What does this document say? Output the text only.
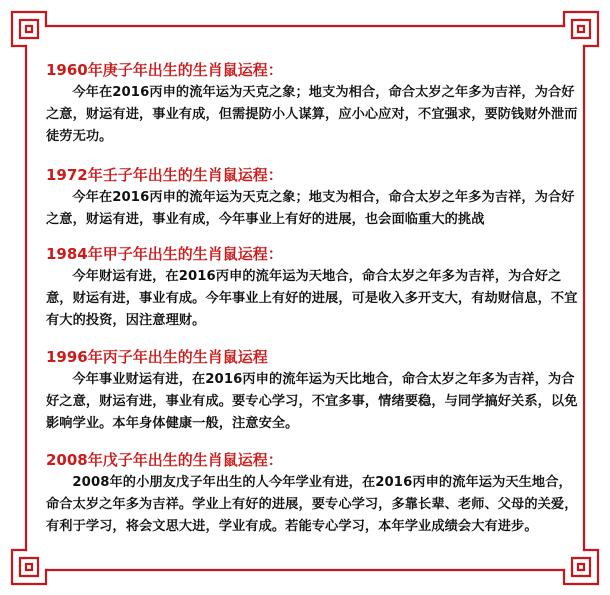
1960年庚子年出生的生肖鼠运程：

今年在2016丙申的流年运为天克之象；地支为相合，命合太岁之年多为吉祥，为合好之意，财运有进，事业有成，但需提防小人谋算，应小心应对，不宜强求，要防钱财外泄而徒劳无功。

1972年壬子年出生的生肖鼠运程：

今年在2016丙申的流年运为天克之象；地支为相合，命合太岁之年多为吉祥，为合好之意，财运有进，事业有成，今年事业上有好的进展，也会面临重大的挑战

1984年甲子年出生的生肖鼠运程：

今年财运有进，在2016丙申的流年运为天地合，命合太岁之年多为吉祥，为合好之意，财运有进，事业有成。今年事业上有好的进展，可是收入多开支大，有劫财信息，不宜有大的投资，因注意理财。

1996年丙子年出生的生肖鼠运程

今年事业财运有进，在2016丙申的流年运为天比地合，命合太岁之年多为吉祥，为合好之意，财运有进，事业有成。要专心学习，不宜多事，情绪要稳，与同学搞好关系，以免影响学业。本年身体健康一般，注意安全。

2008年戊子年出生的生肖鼠运程：

2008年的小朋友戊子年出生的人今年学业有进，在2016丙申的流年运为天生地合，命合太岁之年多为吉祥。学业上有好的进展，要专心学习，多靠长辈、老师、父母的关爱，有利于学习，将会文思大进，学业有成。若能专心学习，本年学业成绩会大有进步。
